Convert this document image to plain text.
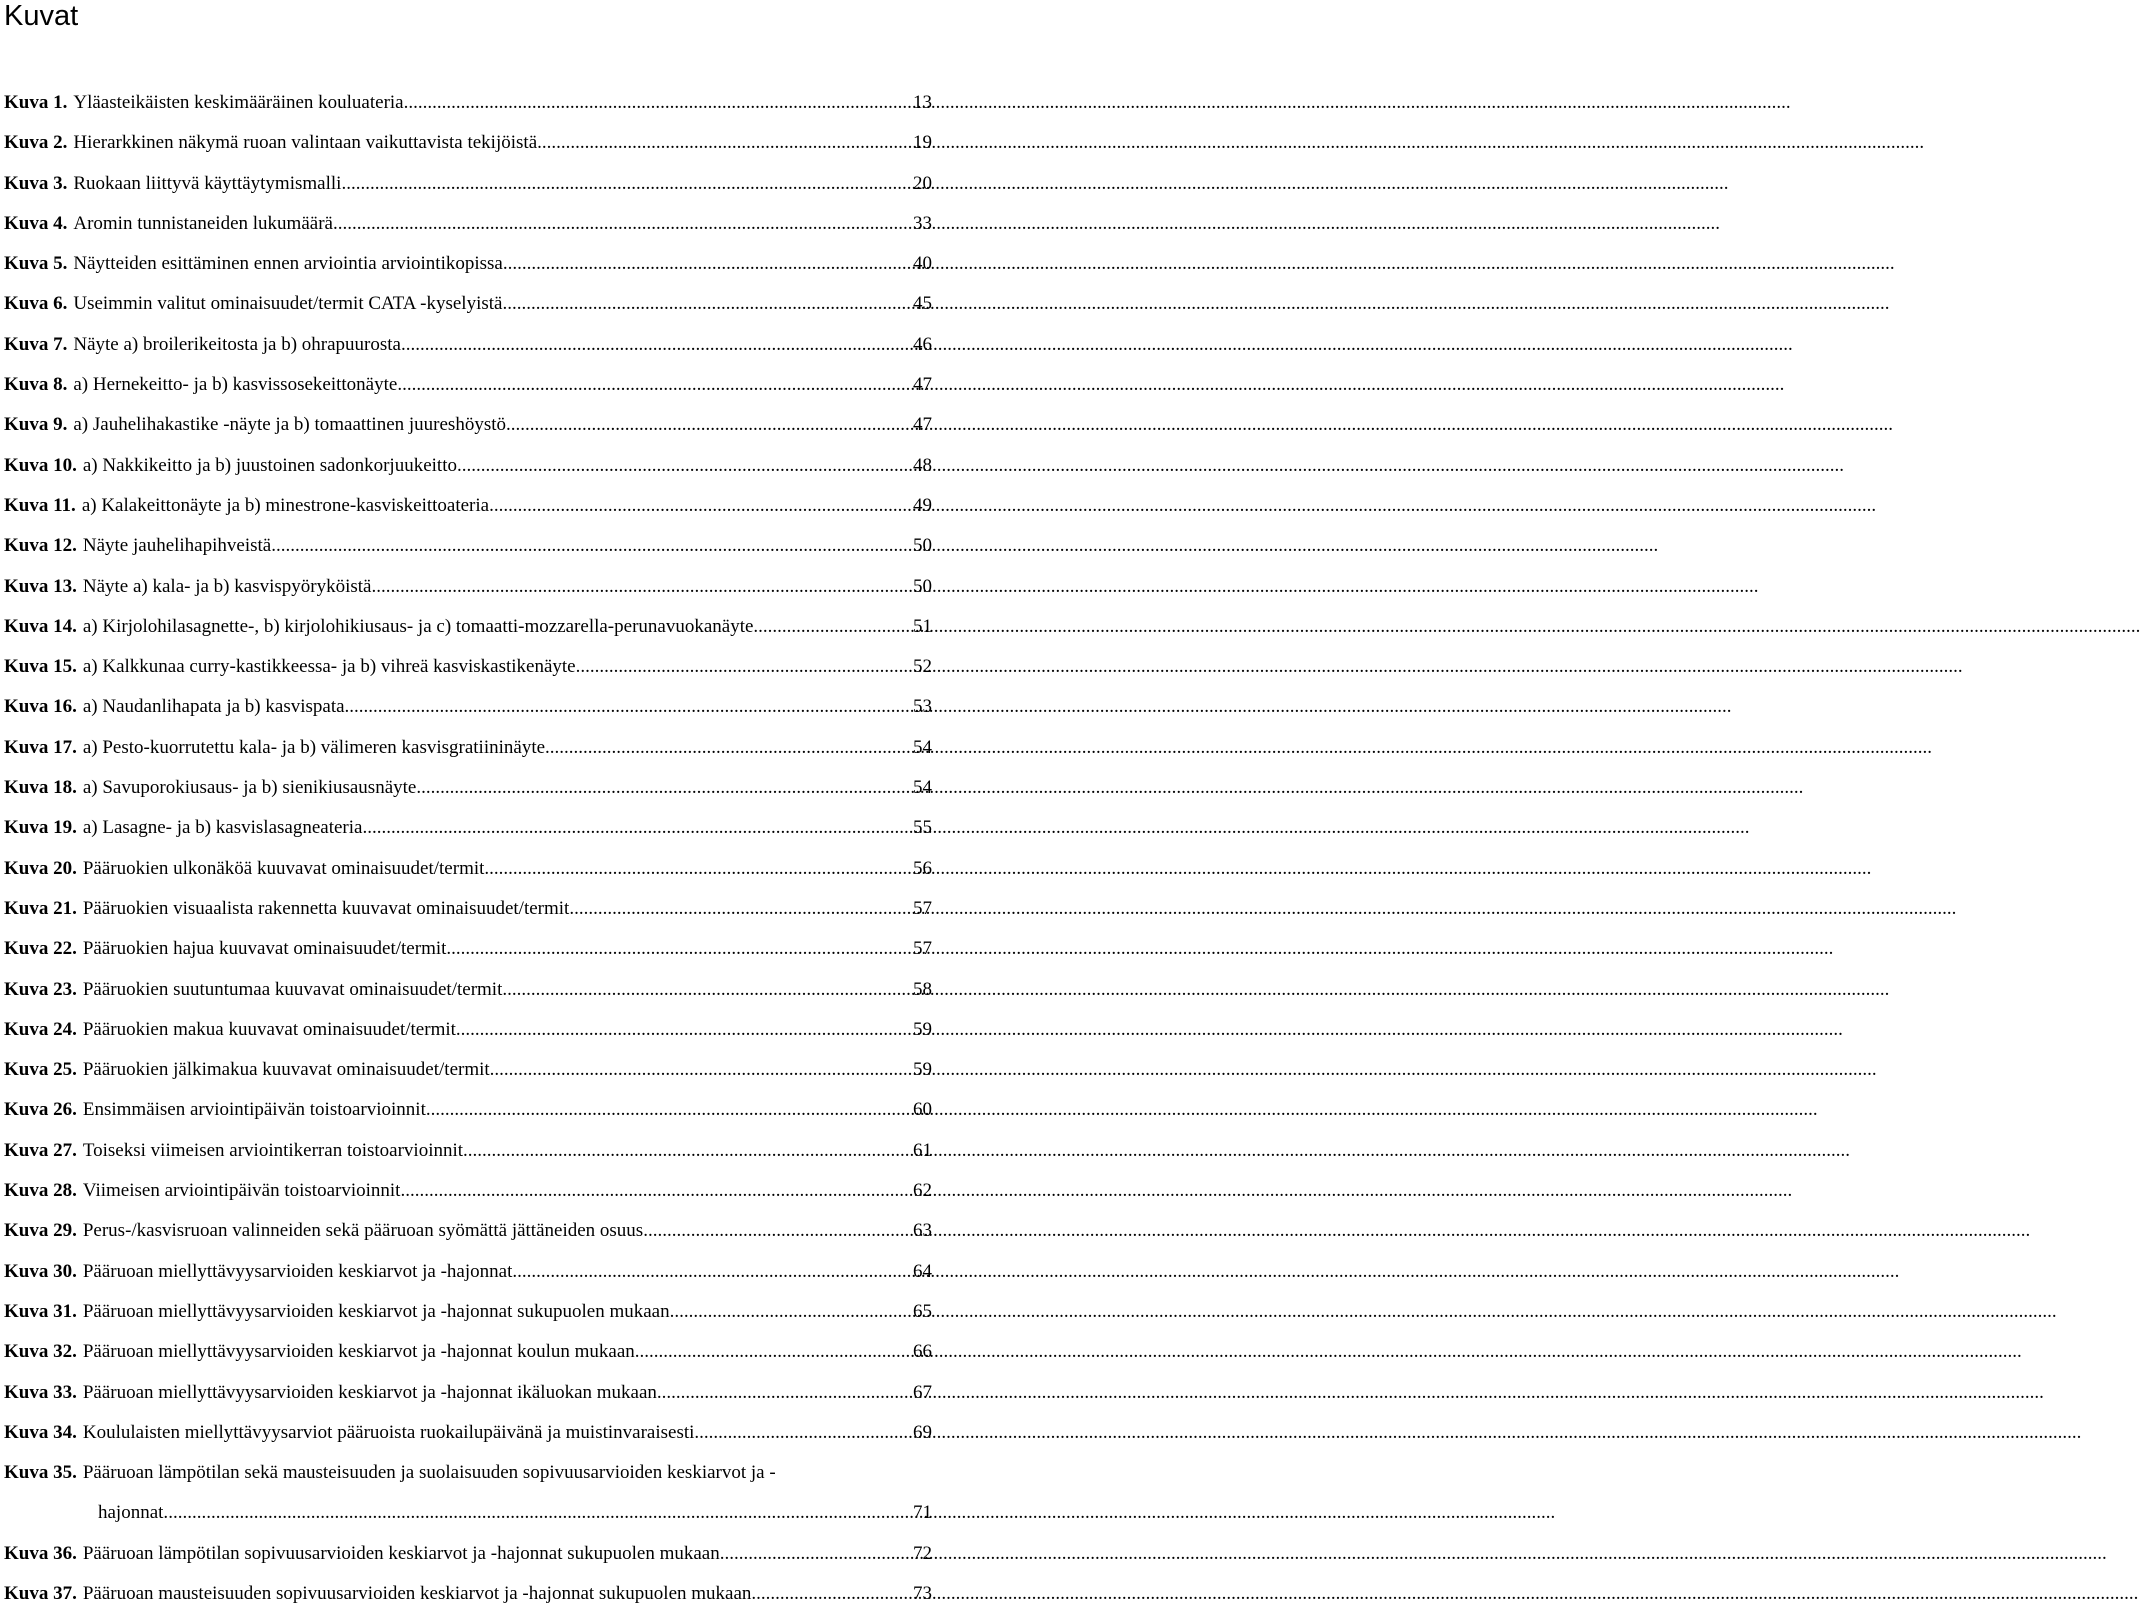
Kuvat
Kuva 1. Yläasteikäisten keskimääräinen kouluateria .....	13
Kuva 2. Hierarkkinen näkymä ruoan valintaan vaikuttavista tekijöistä .....	19
Kuva 3. Ruokaan liittyvä käyttäytymismalli .....	20
Kuva 4. Aromin tunnistaneiden lukumäärä .....	33
Kuva 5. Näytteiden esittäminen ennen arviointia arviointikopissa. .....	40
Kuva 6. Useimmin valitut ominaisuudet/termit CATA -kyselyistä .....	45
Kuva 7. Näyte a) broilerikeitosta ja b) ohrapuurosta. .....	46
Kuva 8. a) Hernekeitto- ja b) kasvissosekeittonäyte .....	47
Kuva 9. a) Jauhelihakastike -näyte ja b) tomaattinen juureshöystö .....	47
Kuva 10. a) Nakkikeitto ja b) juustoinen sadonkorjuukeitto .....	48
Kuva 11. a) Kalakeittonäyte ja b) minestrone-kasviskeittoateria .....	49
Kuva 12. Näyte jauhelihapihveistä .....	50
Kuva 13. Näyte a) kala- ja b) kasvispyöryköistä .....	50
Kuva 14. a) Kirjolohilasagnette-, b) kirjolohikiusaus- ja c) tomaatti-mozzarella-perunavuokanäyte .....	51
Kuva 15. a) Kalkkunaa curry-kastikkeessa- ja b) vihreä kasviskastikenäyte .....	52
Kuva 16. a) Naudanlihapata ja b) kasvispata .....	53
Kuva 17. a) Pesto-kuorrutettu kala- ja b) välimeren kasvisgratiininäyte .....	54
Kuva 18. a) Savuporokiusaus- ja b) sienikiusausnäyte .....	54
Kuva 19. a) Lasagne- ja b) kasvislasagneateria .....	55
Kuva 20. Pääruokien ulkonäköä kuuvavat ominaisuudet/termit .....	56
Kuva 21. Pääruokien visuaalista rakennetta kuuvavat ominaisuudet/termit .....	57
Kuva 22. Pääruokien hajua kuuvavat ominaisuudet/termit .....	57
Kuva 23. Pääruokien suutuntumaa kuuvavat ominaisuudet/termit .....	58
Kuva 24. Pääruokien makua kuuvavat ominaisuudet/termit .....	59
Kuva 25. Pääruokien jälkimakua kuuvavat ominaisuudet/termit .....	59
Kuva 26. Ensimmäisen arviointipäivän toistoarvioinnit. .....	60
Kuva 27. Toiseksi viimeisen arviointikerran toistoarvioinnit .....	61
Kuva 28. Viimeisen arviointipäivän toistoarvioinnit. .....	62
Kuva 29. Perus-/kasvisruoan valinneiden sekä pääruoan syömättä jättäneiden osuus .....	63
Kuva 30. Pääruoan miellyttävyysarvioiden keskiarvot ja -hajonnat .....	64
Kuva 31. Pääruoan miellyttävyysarvioiden keskiarvot ja -hajonnat sukupuolen mukaan .....	65
Kuva 32. Pääruoan miellyttävyysarvioiden keskiarvot ja -hajonnat koulun mukaan .....	66
Kuva 33. Pääruoan miellyttävyysarvioiden keskiarvot ja -hajonnat ikäluokan mukaan .....	67
Kuva 34. Koululaisten miellyttävyysarviot pääruoista ruokailupäivänä ja muistinvaraisesti .....	69
Kuva 35. Pääruoan lämpötilan sekä mausteisuuden ja suolaisuuden sopivuusarvioiden keskiarvot ja -
hajonnat. .....	71
Kuva 36. Pääruoan lämpötilan sopivuusarvioiden keskiarvot ja -hajonnat sukupuolen mukaan .....	72
Kuva 37. Pääruoan mausteisuuden sopivuusarvioiden keskiarvot ja -hajonnat sukupuolen mukaan .....	73
